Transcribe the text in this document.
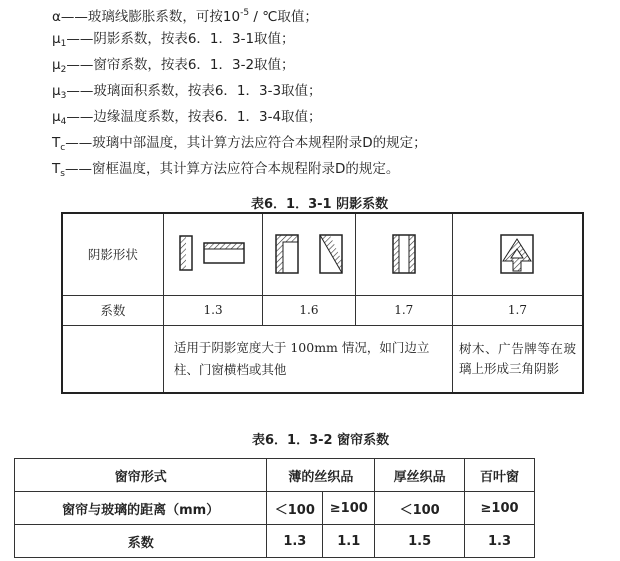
α——玻璃线膨胀系数，可按$10^{-5}$ / ℃取值；
$\mu_1——$阴影系数，按表6．1．3-1取值；
$\mu_2——$窗帘系数，按表6．1．3-2取值；
$\mu_3——$玻璃面积系数，按表6．1．3-3取值；
$\mu_4——$边缘温度系数，按表6．1．3-4取值；
$T_c——$玻璃中部温度，其计算方法应符合本规程附录D的规定；
$T_s——$窗框温度，其计算方法应符合本规程附录D的规定。
表6．1．3-1 阴影系数
阴影形状	

系数	1.3	1.6	1.7	1.7
	适用于阴影宽度大于 100mm 情况，如门边立柱、门窗横档或其他			树木、广告牌等在玻璃上形成三角阴影
表6．1．3-2 窗帘系数
窗帘形式	薄的丝织品		厚丝织品	百叶窗
窗帘与玻璃的距离（mm）	＜100	≥100	＜100	≥100
系数	1.3	1.1	1.5	1.3
